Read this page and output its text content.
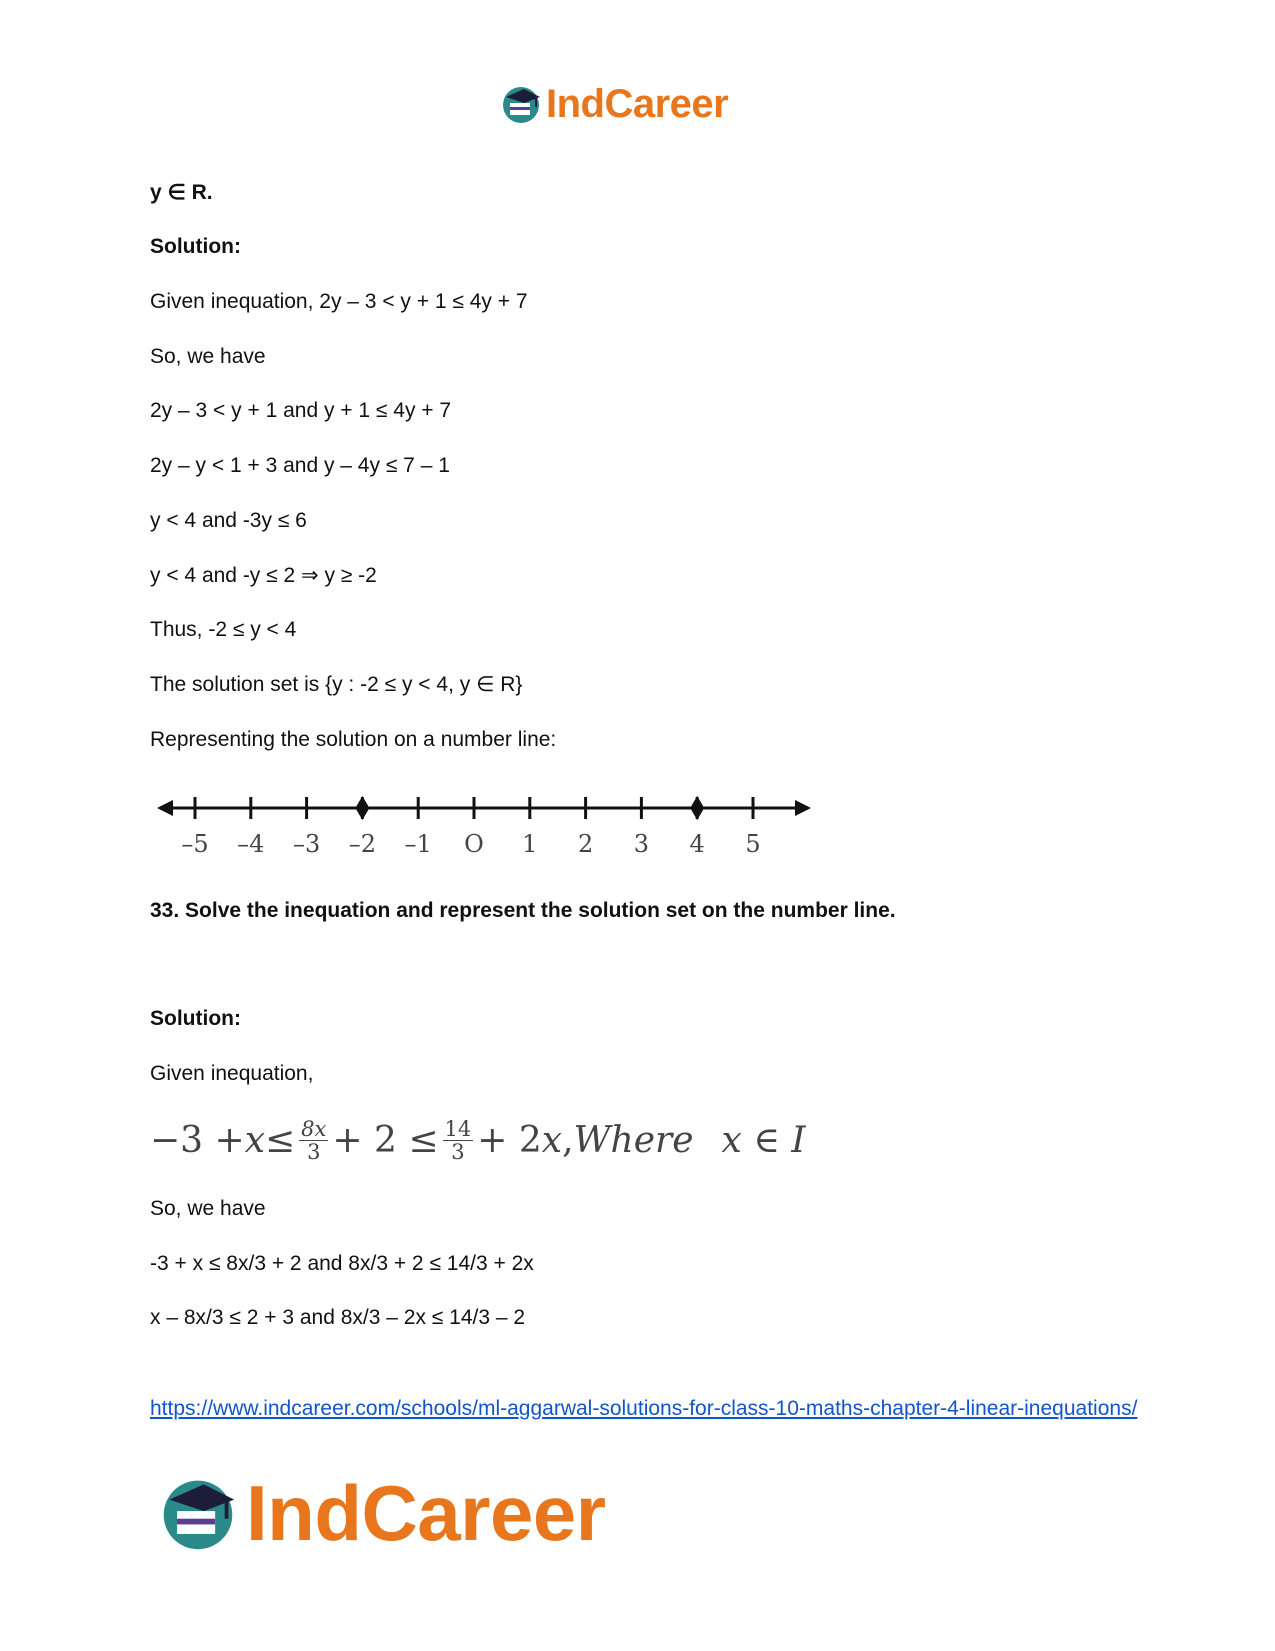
IndCareer
y ∈ R.
Solution:
Given inequation, 2y – 3 < y + 1 ≤ 4y + 7
So, we have
2y – 3 < y + 1 and y + 1 ≤ 4y + 7
2y – y < 1 + 3 and y – 4y ≤ 7 – 1
y < 4 and -3y ≤ 6
y < 4 and -y ≤ 2 ⇒ y ≥ -2
Thus, -2 ≤ y < 4
The solution set is {y : -2 ≤ y < 4, y ∈ R}
Representing the solution on a number line:
–5 –4 –3 –2 –1 O 1 2 3 4 5
33. Solve the inequation and represent the solution set on the number line.
Solution:
Given inequation,
$-3 + x \le \frac{8x}{3} + 2 \le \frac{14}{3} + 2$ x , Where x ∈ I
So, we have
-3 + x ≤ 8x/3 + 2 and 8x/3 + 2 ≤ 14/3 + 2x
x – 8x/3 ≤ 2 + 3 and 8x/3 – 2x ≤ 14/3 – 2
https://www.indcareer.com/schools/ml-aggarwal-solutions-for-class-10-maths-chapter-4-linear-inequations/
IndCareer
